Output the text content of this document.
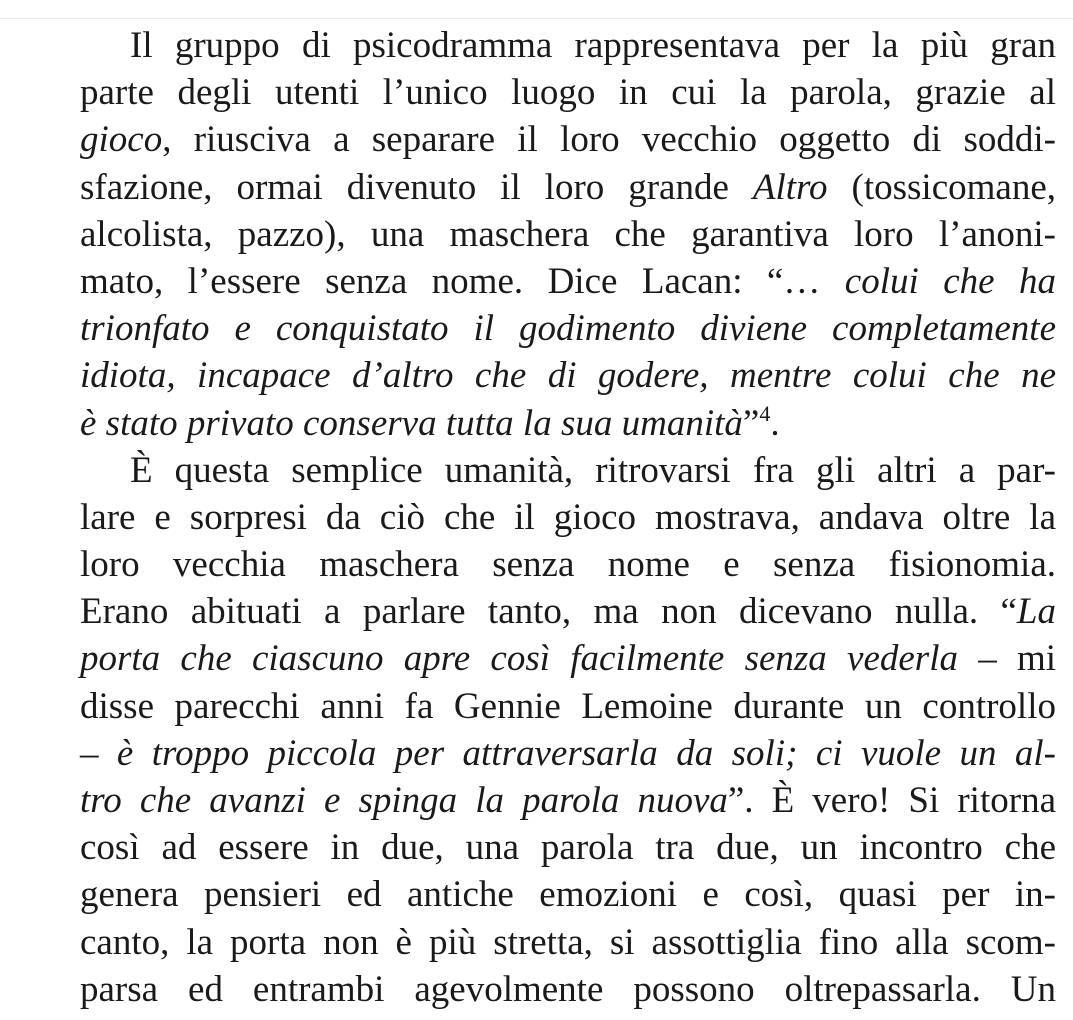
Il gruppo di psicodramma rappresentava per la più gran
parte degli utenti l’unico luogo in cui la parola, grazie al
gioco, riusciva a separare il loro vecchio oggetto di soddi-
sfazione, ormai divenuto il loro grande Altro (tossicomane,
alcolista, pazzo), una maschera che garantiva loro l’anoni-
mato, l’essere senza nome. Dice Lacan: “… colui che ha
trionfato e conquistato il godimento diviene completamente
idiota, incapace d’altro che di godere, mentre colui che ne
è stato privato conserva tutta la sua umanità”$^4$.
È questa semplice umanità, ritrovarsi fra gli altri a par-
lare e sorpresi da ciò che il gioco mostrava, andava oltre la
loro vecchia maschera senza nome e senza fisionomia.
Erano abituati a parlare tanto, ma non dicevano nulla. “La
porta che ciascuno apre così facilmente senza vederla – mi
disse parecchi anni fa Gennie Lemoine durante un controllo
– è troppo piccola per attraversarla da soli; ci vuole un al-
tro che avanzi e spinga la parola nuova”. È vero! Si ritorna
così ad essere in due, una parola tra due, un incontro che
genera pensieri ed antiche emozioni e così, quasi per in-
canto, la porta non è più stretta, si assottiglia fino alla scom-
parsa ed entrambi agevolmente possono oltrepassarla. Un
